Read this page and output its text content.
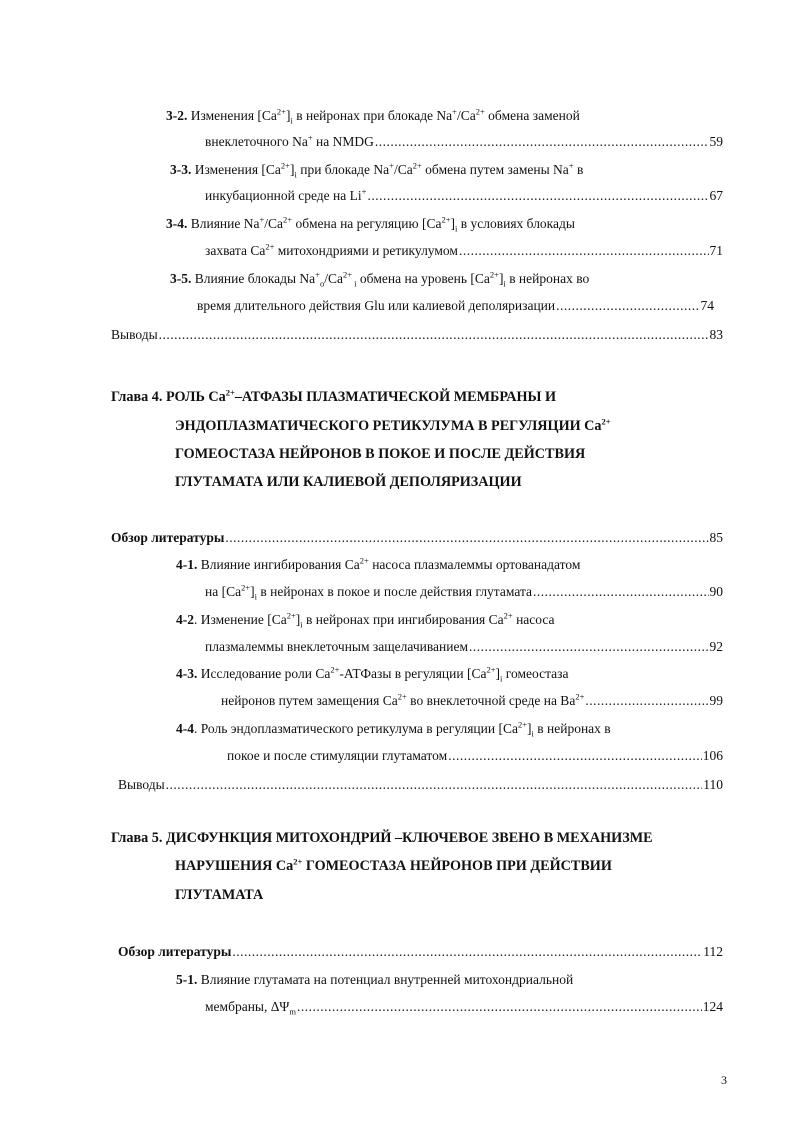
3-2. Изменения $[Ca^{2+}]_i$ в нейронах при блокаде $Na^+/Ca^{2+}$ обмена заменой
внеклеточного Na+ на NMDG .....	59
3-3. Изменения $[Ca^{2+}]_i$ при блокаде $Na^+/Ca^{2+}$ обмена путем замены Na+ в
инкубационной среде на Li+ .....	67
3-4. Влияние $Na^+/Ca^{2+}$ обмена на регуляцию $[Ca^{2+}]_i$ в условиях блокады
захвата $Ca^{2+}$ митохондриями и ретикулумом .....	71
3-5. Влияние блокады $Na^+_o/Ca^{2+}$ $_i$ обмена на уровень $[Ca^{2+}]_i$ в нейронах во
время длительного действия Glu или калиевой деполяризации .....	74
Выводы .....	83
Глава 4. РОЛЬ $Ca^{2+}$–АТФАЗЫ ПЛАЗМАТИЧЕСКОЙ МЕМБРАНЫ И
ЭНДОПЛАЗМАТИЧЕСКОГО РЕТИКУЛУМА В РЕГУЛЯЦИИ $Ca^{2+}$
ГОМЕОСТАЗА НЕЙРОНОВ В ПОКОЕ И ПОСЛЕ ДЕЙСТВИЯ
ГЛУТАМАТА ИЛИ КАЛИЕВОЙ ДЕПОЛЯРИЗАЦИИ
Обзор литературы .....	85
4-1. Влияние ингибирования $Ca^{2+}$ насоса плазмалеммы ортованадатом
на $[Ca^{2+}]_i$ в нейронах в покое и после действия глутамата .....	90
4-2. Изменение $[Ca^{2+}]_i$ в нейронах при ингибирования $Ca^{2+}$ насоса
плазмалеммы внеклеточным защелачиванием .....	92
4-3. Исследование роли $Ca^{2+}$-АТФазы в регуляции $[Ca^{2+}]_i$ гомеостаза
нейронов путем замещения $Ca^{2+}$ во внеклеточной среде на $Ba^{2+}$ .....	99
4-4. Роль эндоплазматического ретикулума в регуляции $[Ca^{2+}]_i$ в нейронах в
покое и после стимуляции глутаматом .....	106
Выводы .....	110
Глава 5. ДИСФУНКЦИЯ МИТОХОНДРИЙ –КЛЮЧЕВОЕ ЗВЕНО В МЕХАНИЗМЕ
НАРУШЕНИЯ $Ca^{2+}$ ГОМЕОСТАЗА НЕЙРОНОВ ПРИ ДЕЙСТВИИ
ГЛУТАМАТА
Обзор литературы .....	112
5-1. Влияние глутамата на потенциал внутренней митохондриальной
мембраны, $\Delta\Psi_m$ .....	124
3
